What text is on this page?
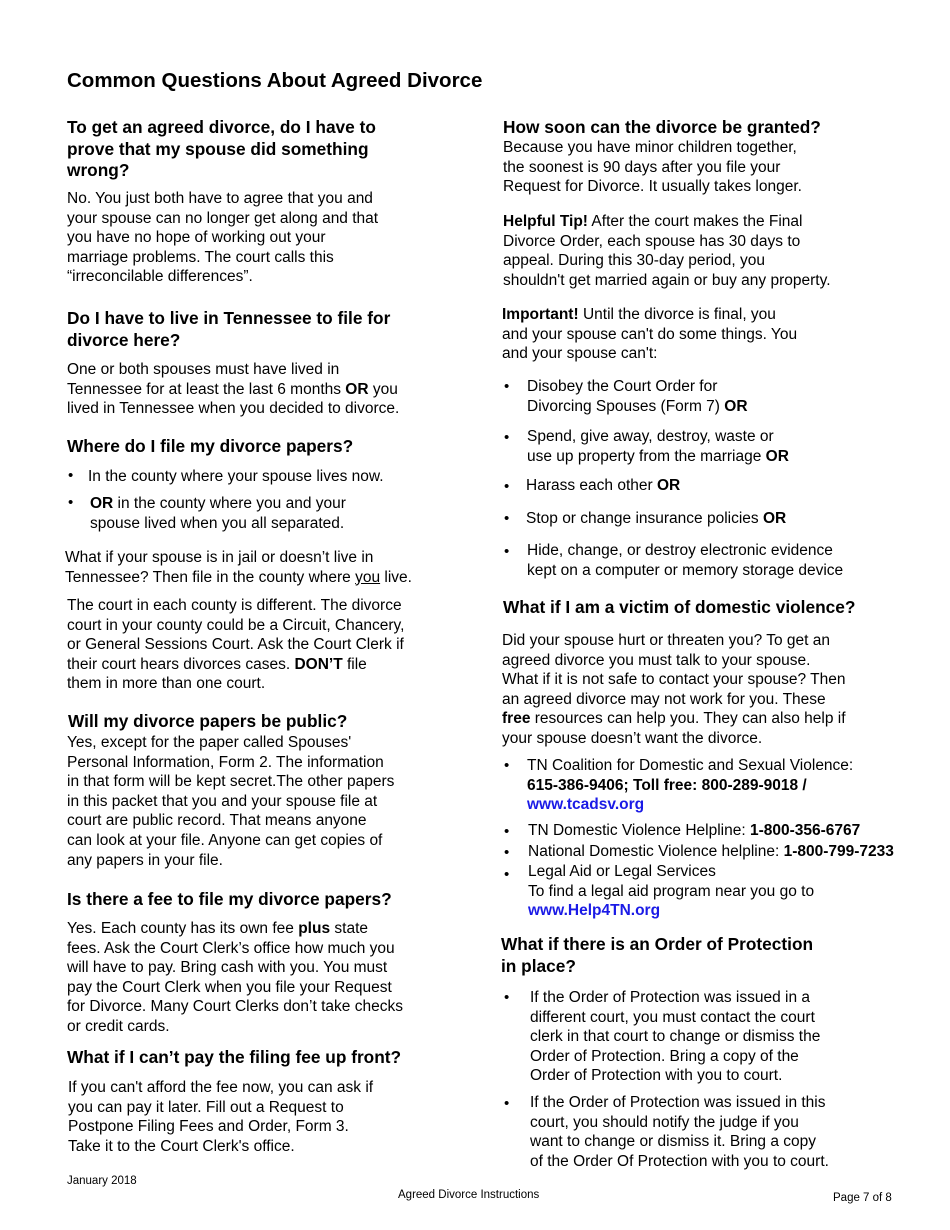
Common Questions About Agreed Divorce
To get an agreed divorce, do I have to
prove that my spouse did something
wrong?
No. You just both have to agree that you and
your spouse can no longer get along and that
you have no hope of working out your
marriage problems. The court calls this
“irreconcilable differences”.
Do I have to live in Tennessee to file for
divorce here?
One or both spouses must have lived in
Tennessee for at least the last 6 months OR you
lived in Tennessee when you decided to divorce.
Where do I file my divorce papers?
• In the county where your spouse lives now.
• OR in the county where you and your
spouse lived when you all separated.
What if your spouse is in jail or doesn’t live in
Tennessee? Then file in the county where you live.
The court in each county is different. The divorce
court in your county could be a Circuit, Chancery,
or General Sessions Court. Ask the Court Clerk if
their court hears divorces cases. DON’T file
them in more than one court.
Will my divorce papers be public?
Yes, except for the paper called Spouses'
Personal Information, Form 2. The information
in that form will be kept secret.The other papers
in this packet that you and your spouse file at
court are public record. That means anyone
can look at your file. Anyone can get copies of
any papers in your file.
Is there a fee to file my divorce papers?
Yes. Each county has its own fee plus state
fees. Ask the Court Clerk’s office how much you
will have to pay. Bring cash with you. You must
pay the Court Clerk when you file your Request
for Divorce. Many Court Clerks don’t take checks
or credit cards.
What if I can’t pay the filing fee up front?
If you can't afford the fee now, you can ask if
you can pay it later. Fill out a Request to
Postpone Filing Fees and Order, Form 3.
Take it to the Court Clerk's office.
How soon can the divorce be granted?
Because you have minor children together,
the soonest is 90 days after you file your
Request for Divorce. It usually takes longer.
Helpful Tip! After the court makes the Final
Divorce Order, each spouse has 30 days to
appeal. During this 30-day period, you
shouldn't get married again or buy any property.
Important! Until the divorce is final, you
and your spouse can't do some things. You
and your spouse can't:
• Disobey the Court Order for
Divorcing Spouses (Form 7) OR
• Spend, give away, destroy, waste or
use up property from the marriage OR
• Harass each other OR
• Stop or change insurance policies OR
• Hide, change, or destroy electronic evidence
kept on a computer or memory storage device
What if I am a victim of domestic violence?
Did your spouse hurt or threaten you? To get an
agreed divorce you must talk to your spouse.
What if it is not safe to contact your spouse? Then
an agreed divorce may not work for you. These
free resources can help you. They can also help if
your spouse doesn’t want the divorce.
• TN Coalition for Domestic and Sexual Violence:
615-386-9406; Toll free: 800-289-9018 /
www.tcadsv.org
• TN Domestic Violence Helpline: 1-800-356-6767
• National Domestic Violence helpline: 1-800-799-7233
• Legal Aid or Legal Services
To find a legal aid program near you go to
www.Help4TN.org
What if there is an Order of Protection
in place?
• If the Order of Protection was issued in a
different court, you must contact the court
clerk in that court to change or dismiss the
Order of Protection. Bring a copy of the
Order of Protection with you to court.
• If the Order of Protection was issued in this
court, you should notify the judge if you
want to change or dismiss it. Bring a copy
of the Order Of Protection with you to court.
January 2018
Agreed Divorce Instructions	Page 7 of 8
